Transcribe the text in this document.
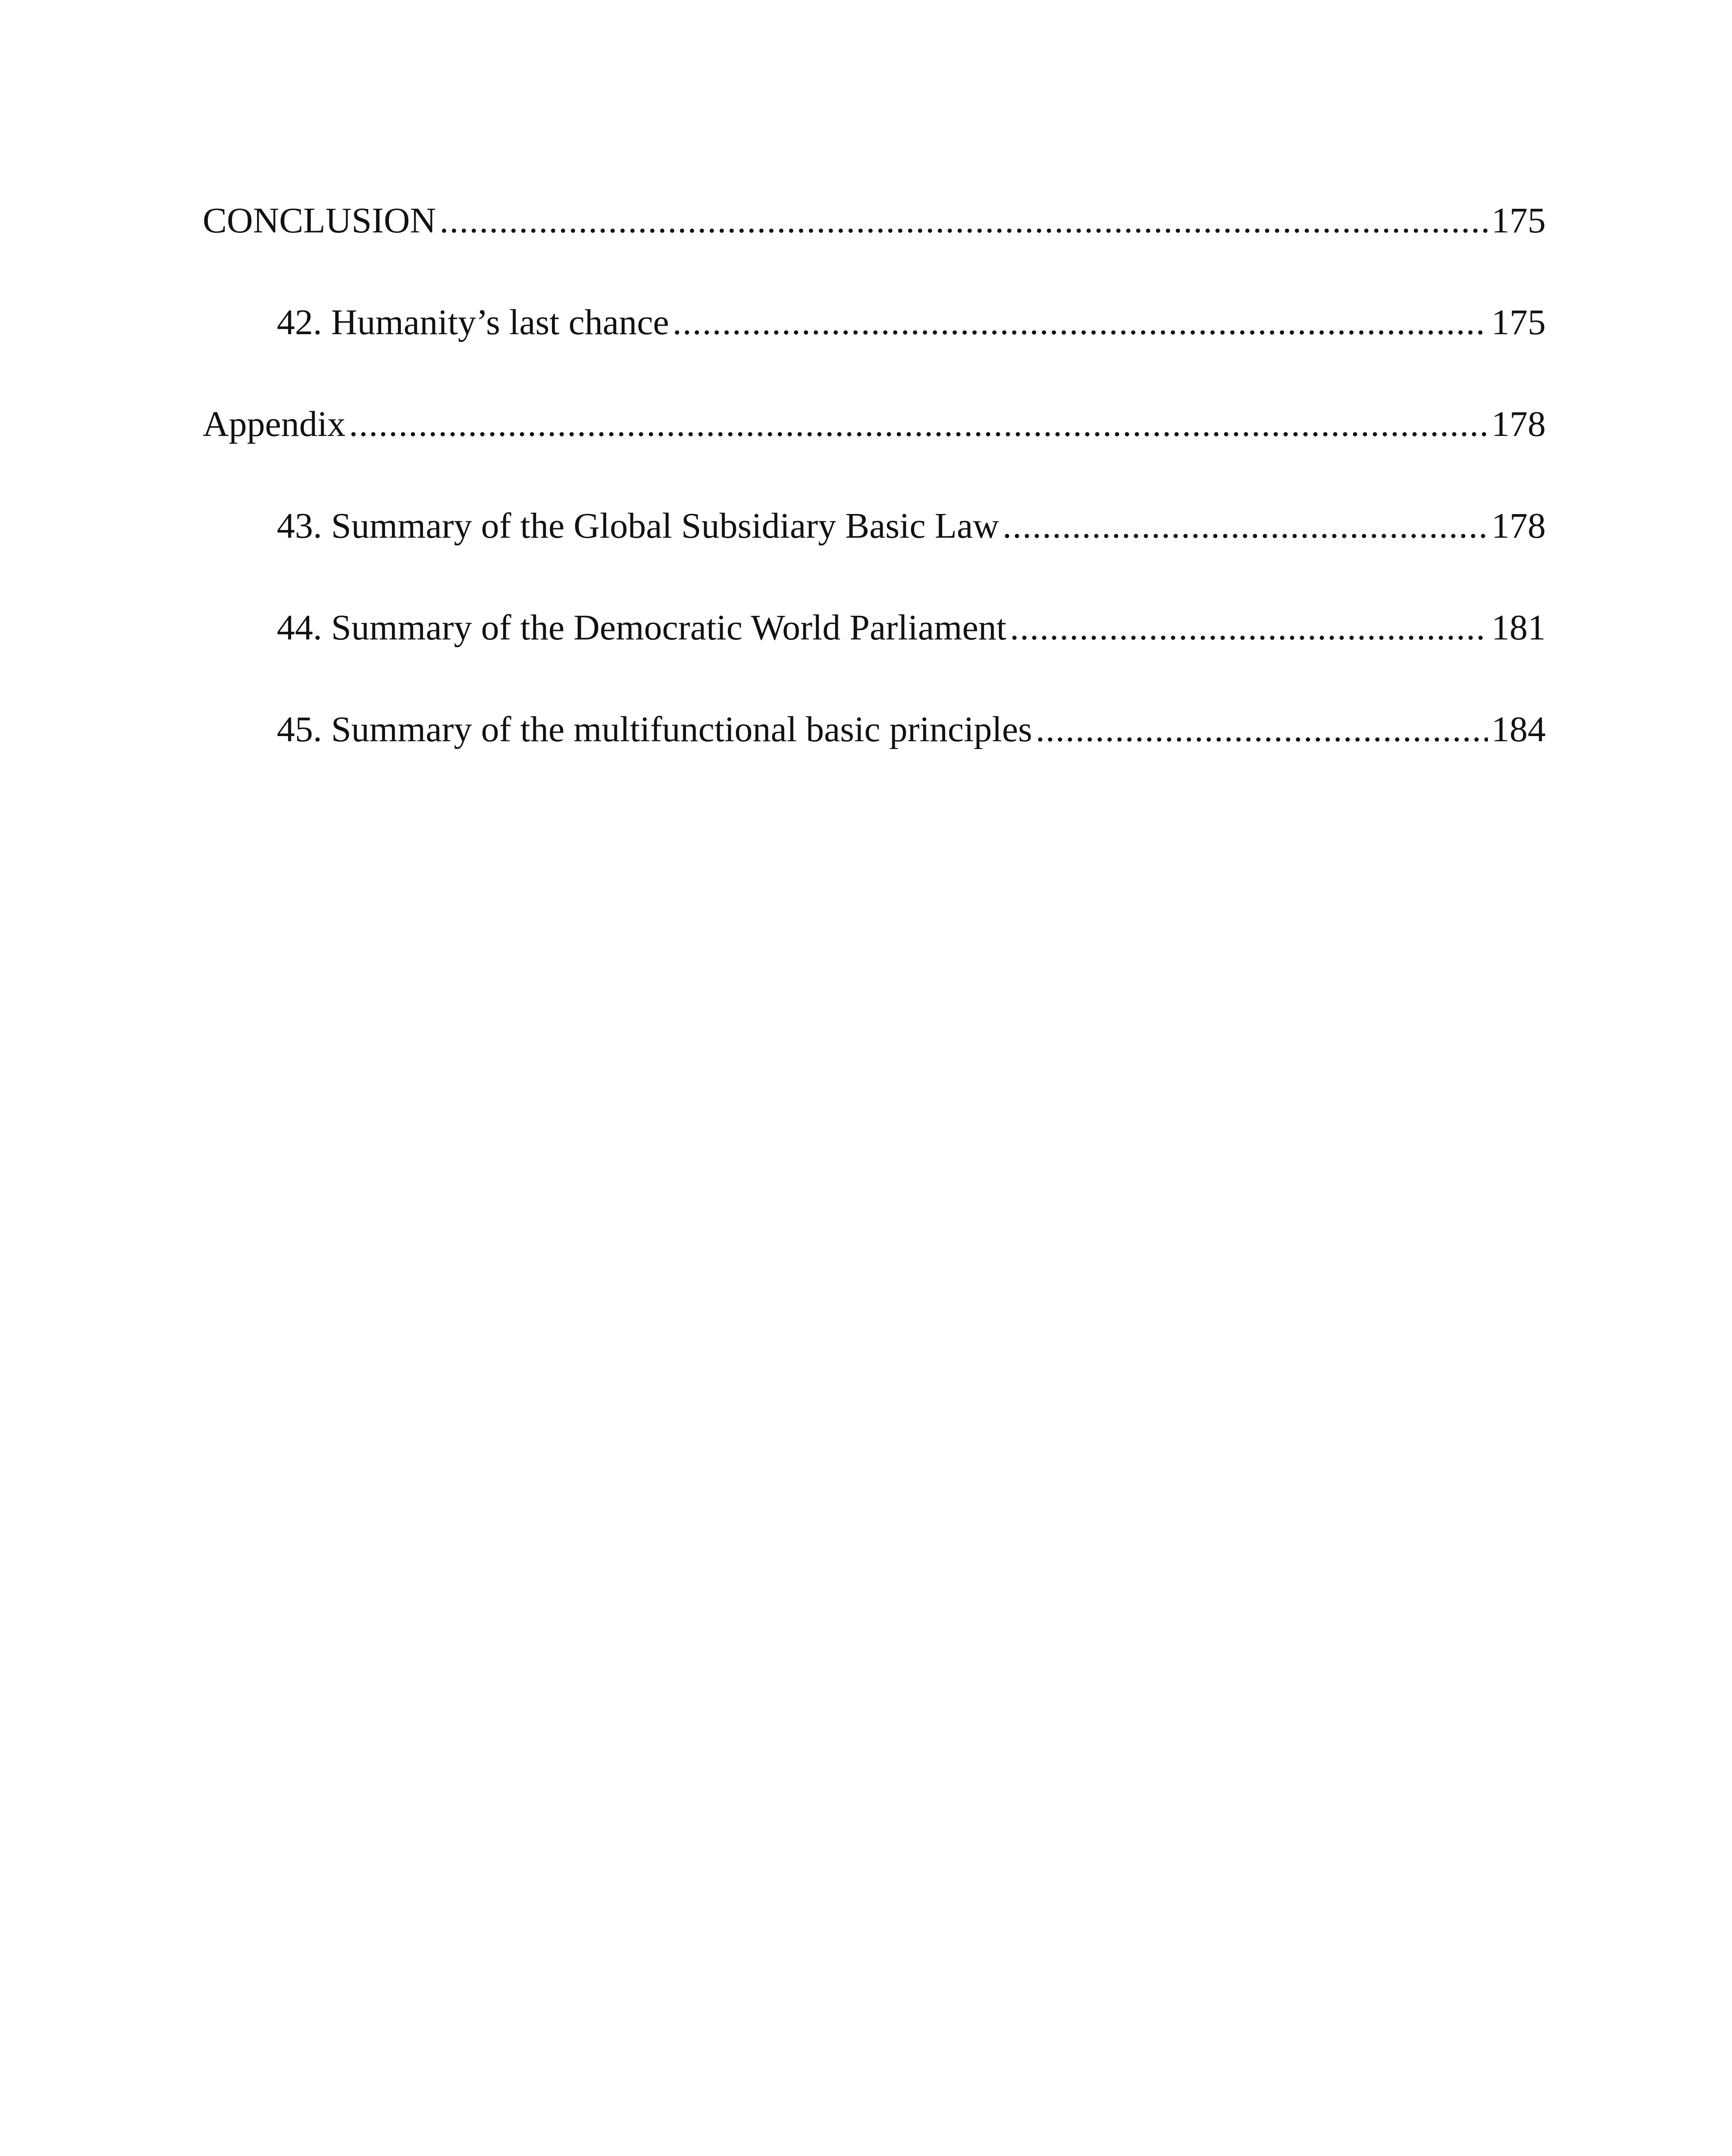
CONCLUSION .....	175
42. Humanity’s last chance .....	175
Appendix .....	178
43. Summary of the Global Subsidiary Basic Law .....	178
44. Summary of the Democratic World Parliament .....	181
45. Summary of the multifunctional basic principles .....	184
